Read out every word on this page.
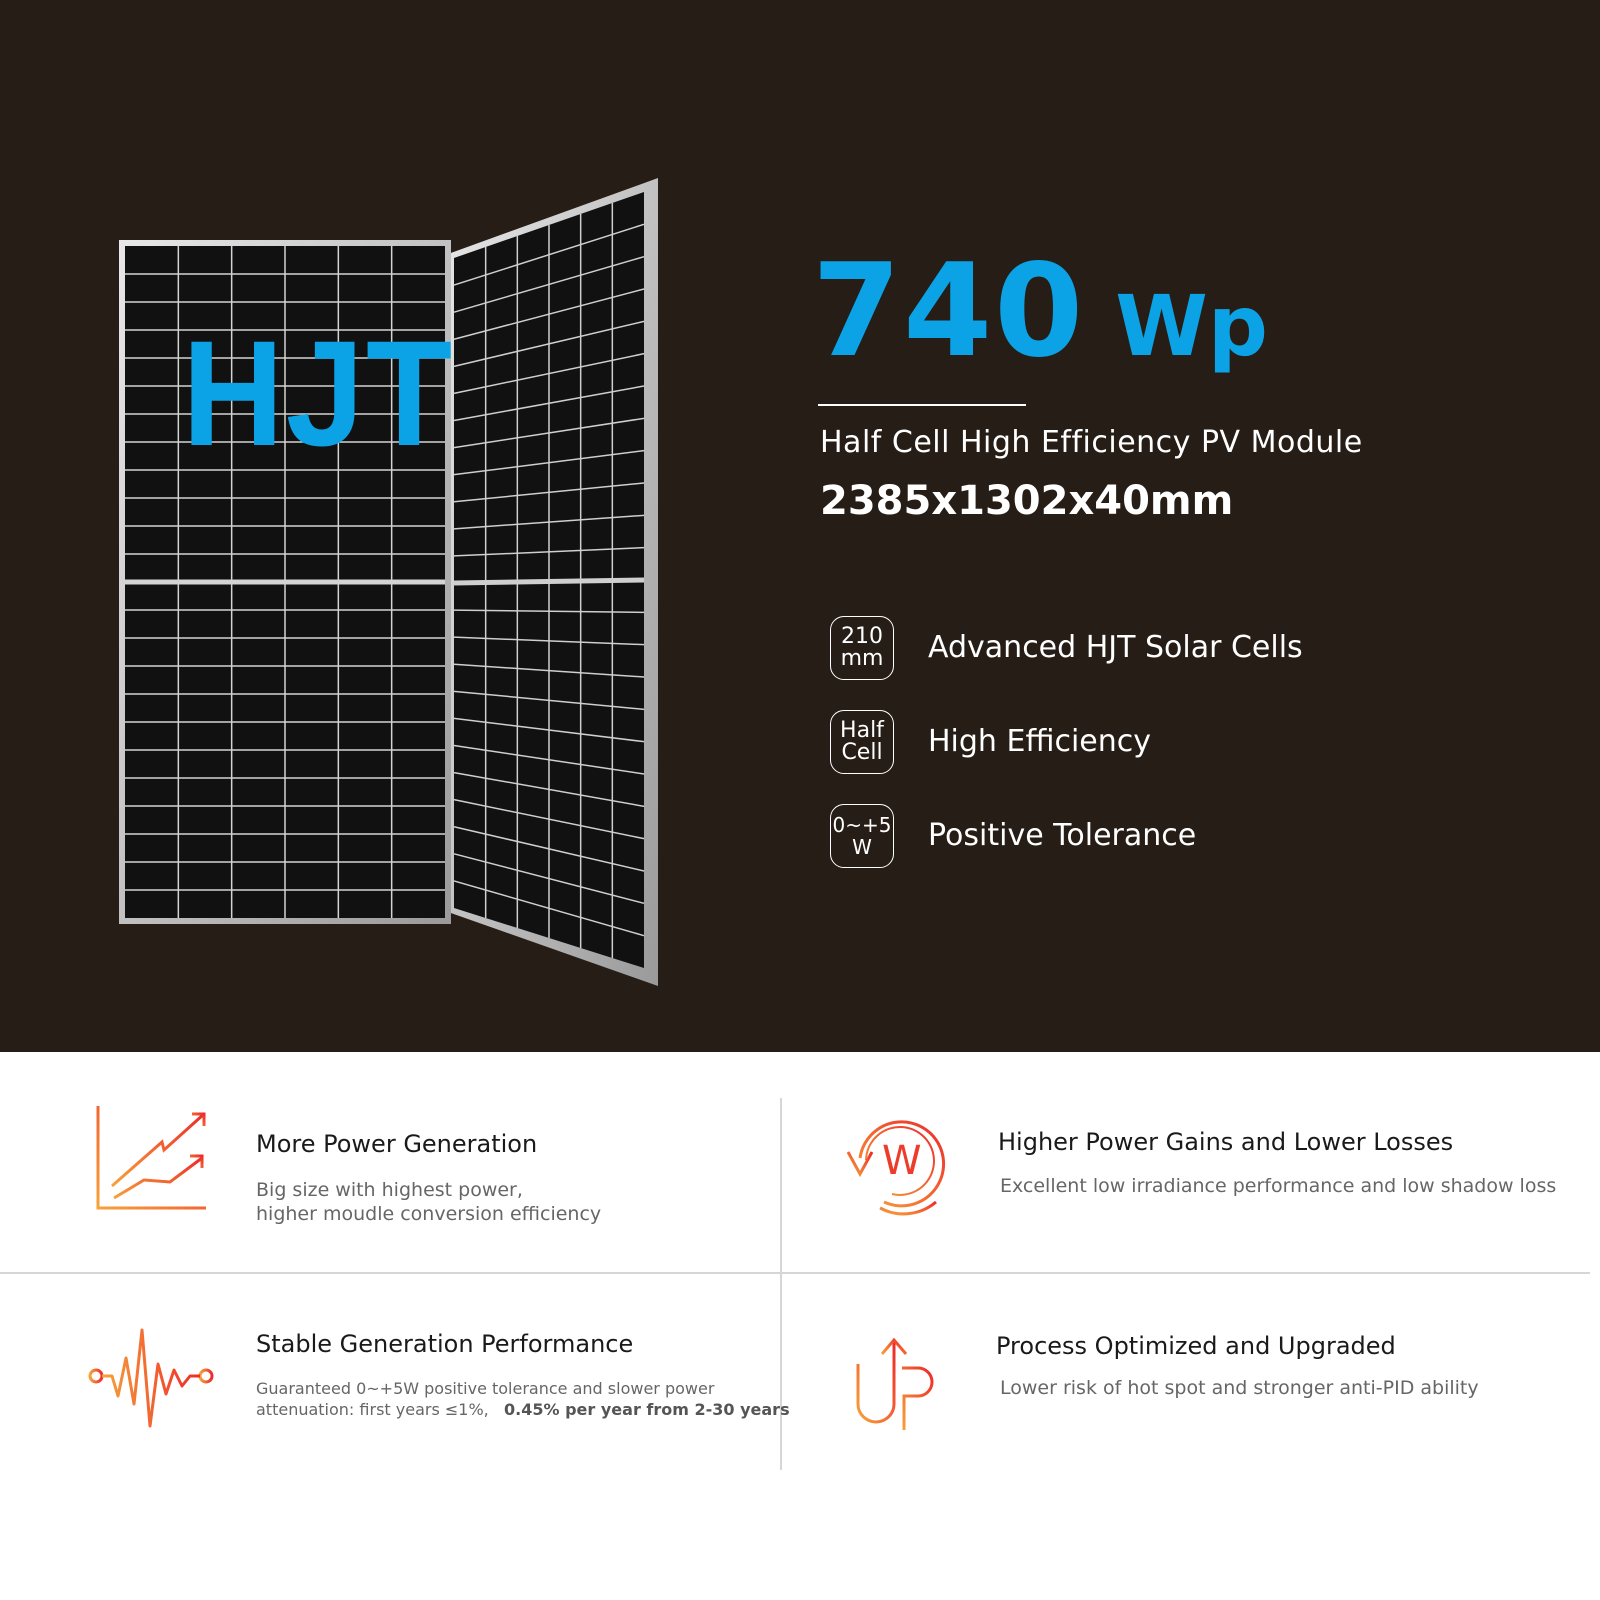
HJT	740 Wp
Half Cell High Efficiency PV Module
2385x1302x40mm
210
mm Advanced HJT Solar Cells
Half
Cell High Efficiency
0~+5
W Positive Tolerance
More Power Generation
Big size with highest power,
higher moudle conversion efficiency
W	Higher Power Gains and Lower Losses
Excellent low irradiance performance and low shadow loss
Stable Generation Performance
Guaranteed 0~+5W positive tolerance and slower power
attenuation: first years ≤1%, 0.45% per year from 2-30 years
Process Optimized and Upgraded
Lower risk of hot spot and stronger anti-PID ability
